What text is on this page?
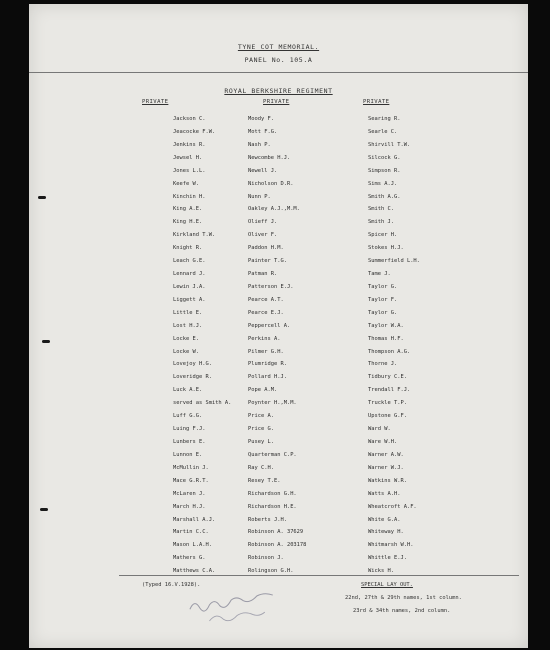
TYNE COT MEMORIAL.
PANEL No. 105.A
ROYAL BERKSHIRE REGIMENT
PRIVATE	PRIVATE	PRIVATE
Jackson C.	Moody F.	Searing R.
Jeacocke F.W.	Mott F.G.	Searle C.
Jenkins R.	Nash P.	Shirvill T.W.
Jewsel H.	Newcombe H.J.	Silcock G.
Jones L.L.	Newell J.	Simpson R.
Keefe W.	Nicholson D.R.	Sims A.J.
Kinchin H.	Nunn P.	Smith A.G.
King A.E.	Oakley A.J.,M.M.	Smith C.
King H.E.	Olieff J.	Smith J.
Kirkland T.W.	Oliver F.	Spicer H.
Knight R.	Paddon H.M.	Stokes H.J.
Leach G.E.	Painter T.G.	Summerfield L.H.
Lennard J.	Patman R.	Tame J.
Lewin J.A.	Patterson E.J.	Taylor G.
Liggett A.	Pearce A.T.	Taylor F.
Little E.	Pearce E.J.	Taylor G.
Lost H.J.	Peppercell A.	Taylor W.A.
Locke E.	Perkins A.	Thomas H.F.
Locke W.	Pilmer G.H.	Thompson A.G.
Lovejoy H.G.	Plumridge R.	Thorne J.
Loveridge R.	Pollard H.J.	Tidbury C.E.
Luck A.E.	Pope A.M.	Trendall F.J.
served as Smith A.	Poynter H.,M.M.	Truckle T.P.
Luff G.G.	Price A.	Upstone G.F.
Luing F.J.	Price G.	Ward W.
Lunbers E.	Pusey L.	Ware W.H.
Lunnon E.	Quarterman C.P.	Warner A.W.
McMullin J.	Ray C.H.	Warner W.J.
Mace G.R.T.	Resey T.E.	Watkins W.R.
McLaren J.	Richardson G.H.	Watts A.H.
March H.J.	Richardson H.E.	Wheatcroft A.F.
Marshall A.J.	Roberts J.H.	White G.A.
Martin C.C.	Robinson A. 37629	Whiteway H.
Mason L.A.H.	Robinson A. 203178	Whitmarsh W.H.
Mathers G.	Robinson J.	Whittle E.J.
Matthews C.A.	Rolingson G.H.	Wicks H.
(Typed 16.V.1928).	SPECIAL LAY OUT.
22nd, 27th & 29th names, 1st column.
23rd & 34th names, 2nd column.
